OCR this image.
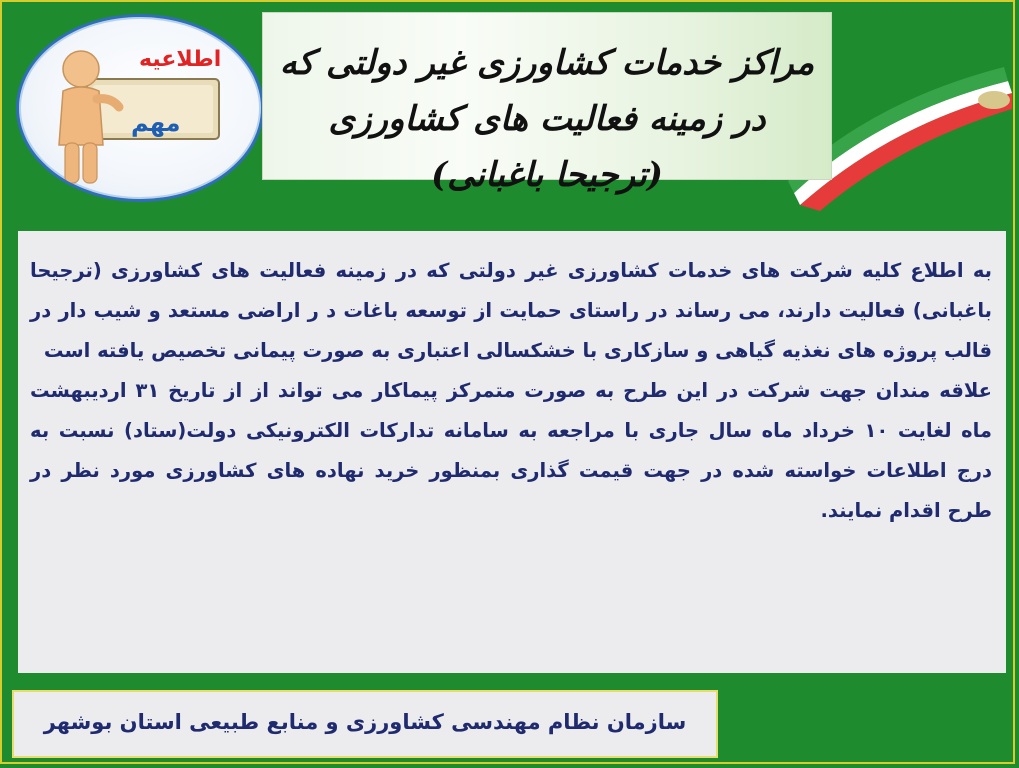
اطلاعیه
مهم
مراکز خدمات کشاورزی غیر دولتی که در زمینه فعالیت های کشاورزی (ترجیحا باغبانی)

به اطلاع کلیه شرکت های خدمات کشاورزی غیر دولتی که در زمینه فعالیت های کشاورزی (ترجیحا باغبانی) فعالیت دارند، می رساند در راستای حمایت از توسعه باغات د ر اراضی مستعد و شیب دار در قالب پروژه های نغذیه گیاهی و سازکاری با خشکسالی اعتباری به صورت پیمانی تخصیص یافته است

علاقه مندان جهت شرکت در این طرح به صورت متمرکز پیماکار می تواند از از تاریخ ۳۱ اردیبهشت ماه لغایت ۱۰ خرداد ماه سال جاری با مراجعه به سامانه تدارکات الکترونیکی دولت(ستاد) نسبت به درج اطلاعات خواسته شده در جهت قیمت گذاری بمنظور خرید نهاده های کشاورزی مورد نظر در طرح اقدام نمایند.

سازمان نظام مهندسی کشاورزی و منابع طبیعی استان بوشهر
